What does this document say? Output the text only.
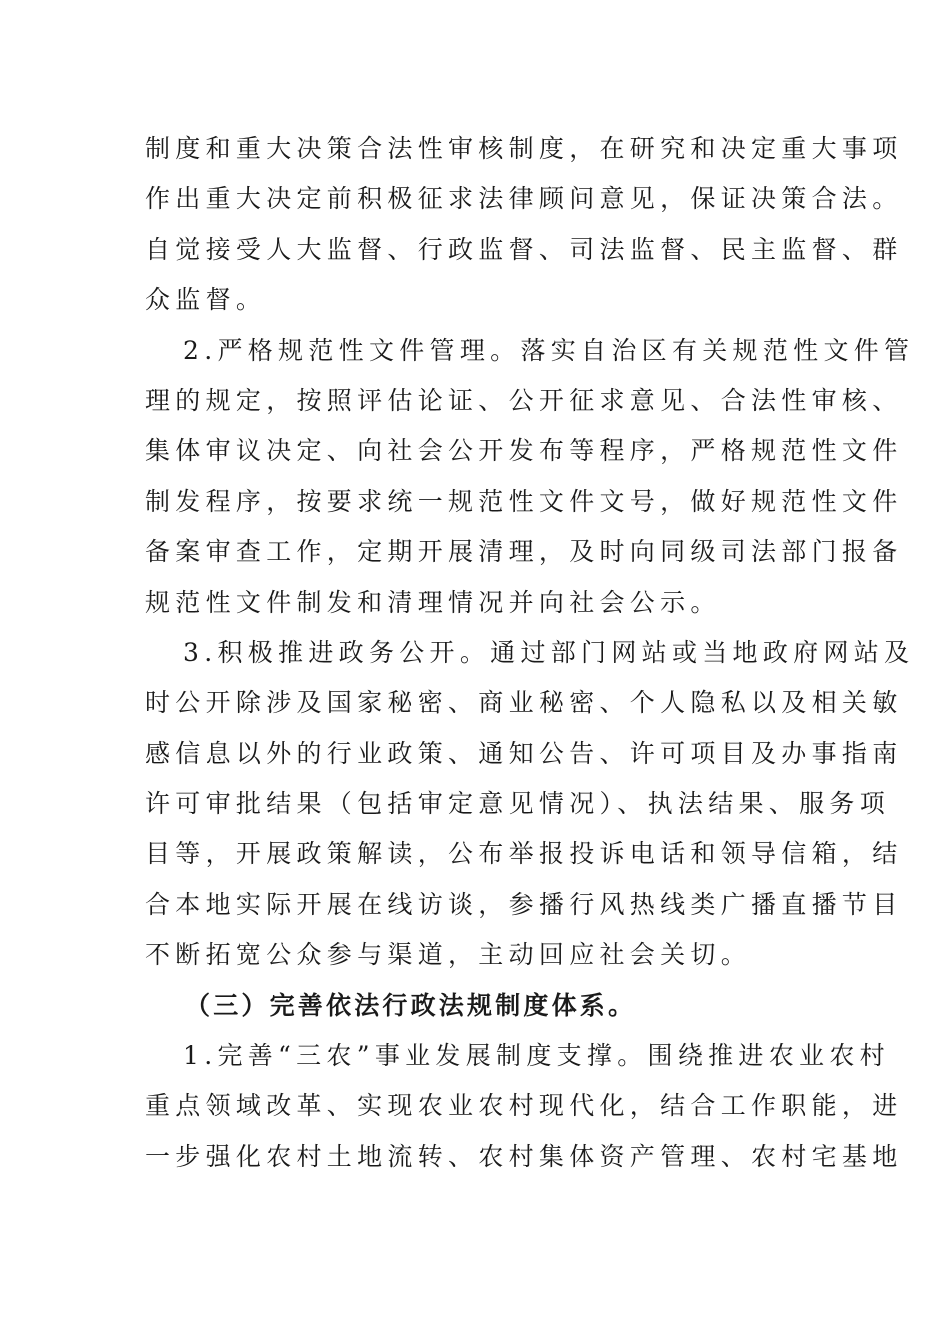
制度和重大决策合法性审核制度，在研究和决定重大事项
作出重大决定前积极征求法律顾问意见，保证决策合法。
自觉接受人大监督、行政监督、司法监督、民主监督、群
众监督。
2.严格规范性文件管理。落实自治区有关规范性文件管
理的规定，按照评估论证、公开征求意见、合法性审核、
集体审议决定、向社会公开发布等程序，严格规范性文件
制发程序，按要求统一规范性文件文号，做好规范性文件
备案审查工作，定期开展清理，及时向同级司法部门报备
规范性文件制发和清理情况并向社会公示。
3.积极推进政务公开。通过部门网站或当地政府网站及
时公开除涉及国家秘密、商业秘密、个人隐私以及相关敏
感信息以外的行业政策、通知公告、许可项目及办事指南
许可审批结果（包括审定意见情况）、执法结果、服务项
目等，开展政策解读，公布举报投诉电话和领导信箱，结
合本地实际开展在线访谈，参播行风热线类广播直播节目
不断拓宽公众参与渠道，主动回应社会关切。
（三）完善依法行政法规制度体系。
1.完善“三农”事业发展制度支撑。围绕推进农业农村
重点领域改革、实现农业农村现代化，结合工作职能，进
一步强化农村土地流转、农村集体资产管理、农村宅基地
